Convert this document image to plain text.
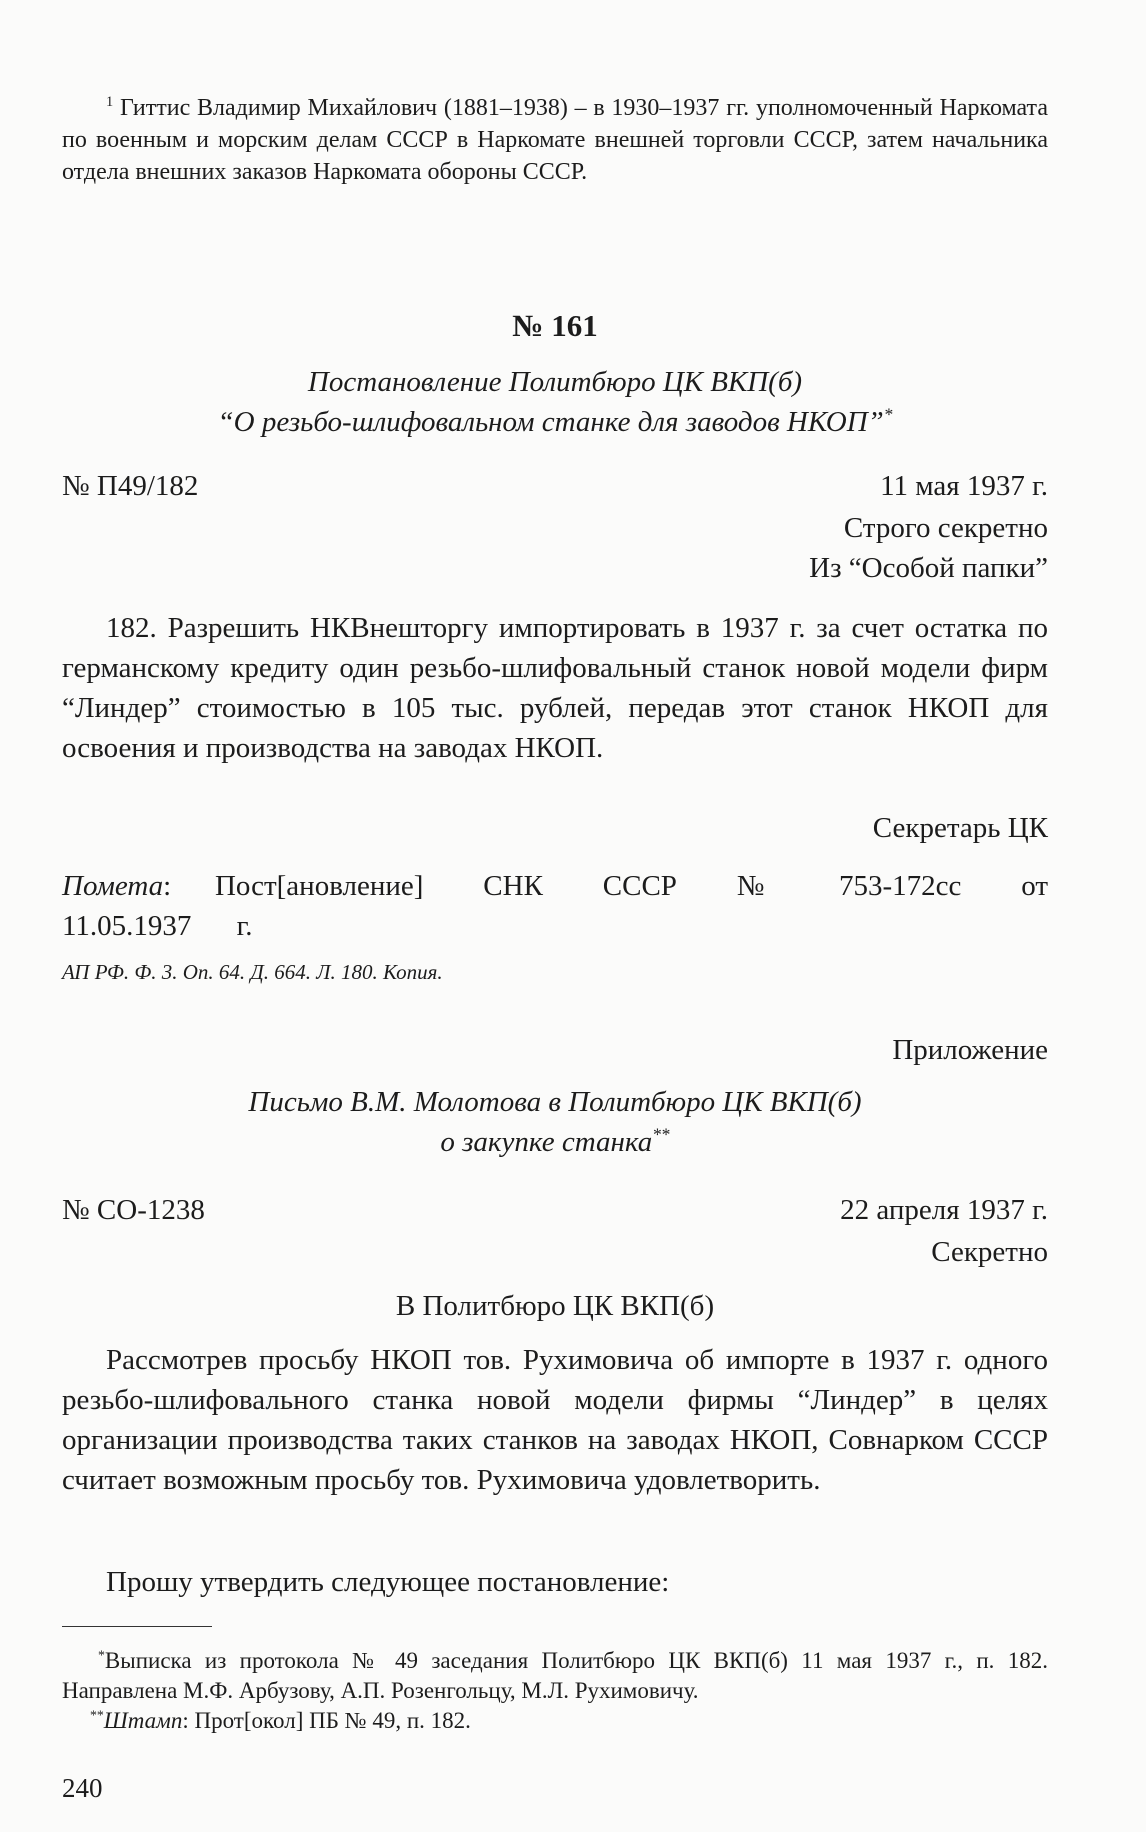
$^1$ Гиттис Владимир Михайлович (1881–1938) – в 1930–1937 гг. уполномоченный Наркомата по военным и морским делам СССР в Наркомате внешней торговли СССР, затем начальника отдела внешних заказов Наркомата обороны СССР.
№ 161
Постановление Политбюро ЦК ВКП(б)
“О резьбо-шлифовальном станке для заводов НКОП”*
№ П49/182	11 мая 1937 г.
Строго секретно
Из “Особой папки”
182. Разрешить НКВнешторгу импортировать в 1937 г. за счет остатка по германскому кредиту один резьбо-шлифовальный станок новой модели фирм “Линдер” стоимостью в 105 тыс. рублей, передав этот станок НКОП для освоения и производства на заводах НКОП.
Секретарь ЦК
Помета:  Пост[ановление] СНК СССР № 753-172сс от 11.05.1937 г.
АП РФ. Ф. 3. Оп. 64. Д. 664. Л. 180. Копия.
Приложение
Письмо В.М. Молотова в Политбюро ЦК ВКП(б)
о закупке станка**
№ СО-1238	22 апреля 1937 г.
Секретно
В Политбюро ЦК ВКП(б)
Рассмотрев просьбу НКОП тов. Рухимовича об импорте в 1937 г. одного резьбо-шлифовального станка новой модели фирмы “Линдер” в целях организации производства таких станков на заводах НКОП, Совнарком СССР считает возможным просьбу тов. Рухимовича удовлетворить.
Прошу утвердить следующее постановление:
*Выписка из протокола № 49 заседания Политбюро ЦК ВКП(б) 11 мая 1937 г., п. 182. Направлена М.Ф. Арбузову, А.П. Розенгольцу, М.Л. Рухимовичу.
**Штамп: Прот[окол] ПБ № 49, п. 182.
240
